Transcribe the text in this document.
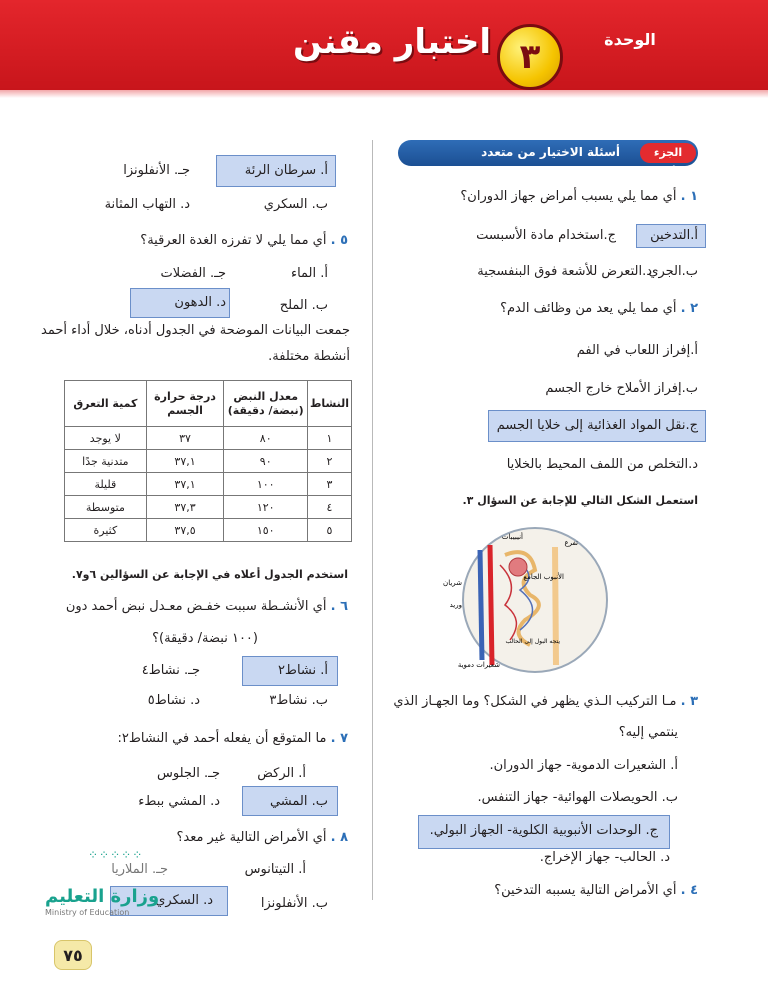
الوحدة
٣
اختبار مقنن
الجزء الأول:
أسئلة الاختيار من متعدد
١ . أي مما يلي يسبب أمراض جهاز الدوران؟
أ.التدخين
ج.استخدام مادة الأسبست
ب.الجري
د.التعرض للأشعة فوق البنفسجية
٢ . أي مما يلي يعد من وظائف الدم؟
أ.إفراز اللعاب في الفم
ب.إفراز الأملاح خارج الجسم
ج.نقل المواد الغذائية إلى خلايا الجسم
د.التخلص من اللمف المحيط بالخلايا
استعمل الشكل التالي للإجابة عن السؤال ٣.
أنيبيبات
شريان
وريد
تفرع
الأنبوب الجامع
شعيرات دموية
يتجه البول إلى الحالب
٣ . مـا التركيب الـذي يظهر في الشكل؟ وما الجهـاز الذي
ينتمي إليه؟
أ. الشعيرات الدموية- جهاز الدوران.
ب. الحويصلات الهوائية- جهاز التنفس.
ج. الوحدات الأنبوبية الكلوية- الجهاز البولي.
د. الحالب- جهاز الإخراج.
٤ . أي الأمراض التالية يسببه التدخين؟
أ. سرطان الرئة
جـ. الأنفلونزا
ب. السكري
د. التهاب المثانة
٥ . أي مما يلي لا تفرزه الغدة العرقية؟
أ. الماء
جـ. الفضلات
ب. الملح
د. الدهون
جمعت البيانات الموضحة في الجدول أدناه، خلال أداء أحمد
أنشطة مختلفة.
النشاط	معدل النبض (نبضة/ دقيقة)	درجة حرارة الجسم	كمية التعرق
١	٨٠	٣٧	لا يوجد
٢	٩٠	٣٧,١	متدنية جدًا
٣	١٠٠	٣٧,١	قليلة
٤	١٢٠	٣٧,٣	متوسطة
٥	١٥٠	٣٧,٥	كثيرة
استخدم الجدول أعلاه في الإجابة عن السؤالين ٦و٧.
٦ . أي الأنشـطة سببت خفـض معـدل نبض أحمد دون
(١٠٠ نبضة/ دقيقة)؟
أ. نشاط٢
جـ. نشاط٤
ب. نشاط٣
د. نشاط٥
٧ . ما المتوقع أن يفعله أحمد في النشاط٢:
أ. الركض
جـ. الجلوس
ب. المشي
د. المشي ببطء
٨ . أي الأمراض التالية غير معد؟
أ. التيتانوس
جـ. الملاريا
ب. الأنفلونزا
د. السكري
⁘⁘⁘⁘⁘
وزارة التعليم
Ministry of Education
٧٥
